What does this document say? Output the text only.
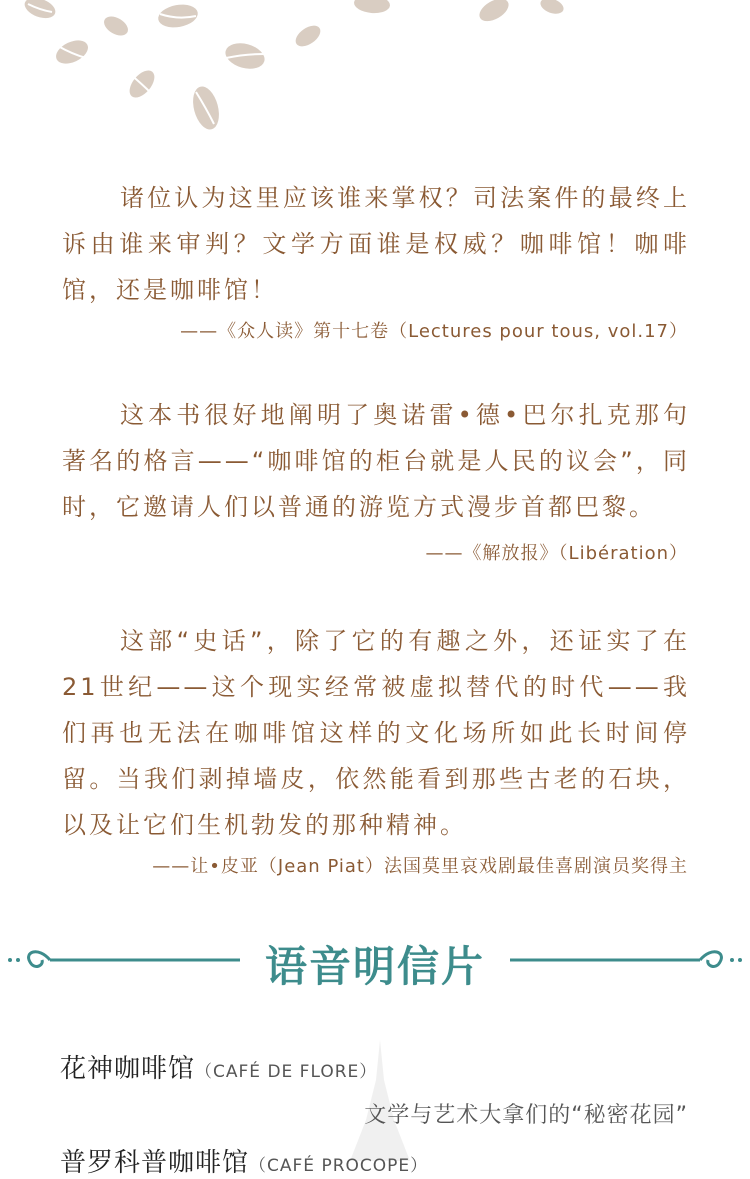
诸位认为这里应该谁来掌权？司法案件的最终上诉由谁来审判？文学方面谁是权威？咖啡馆！咖啡馆，还是咖啡馆！

——《众人读》第十七卷（Lectures pour tous, vol.17）

这本书很好地阐明了奥诺雷•德•巴尔扎克那句著名的格言——“咖啡馆的柜台就是人民的议会”，同时，它邀请人们以普通的游览方式漫步首都巴黎。

——《解放报》（Libération）

这部“史话”，除了它的有趣之外，还证实了在21世纪——这个现实经常被虚拟替代的时代——我们再也无法在咖啡馆这样的文化场所如此长时间停留。当我们剥掉墙皮，依然能看到那些古老的石块，以及让它们生机勃发的那种精神。

——让•皮亚（Jean Piat）法国莫里哀戏剧最佳喜剧演员奖得主
语音明信片
花神咖啡馆（CAFÉ DE FLORE）
文学与艺术大拿们的“秘密花园”
普罗科普咖啡馆（CAFÉ PROCOPE）
